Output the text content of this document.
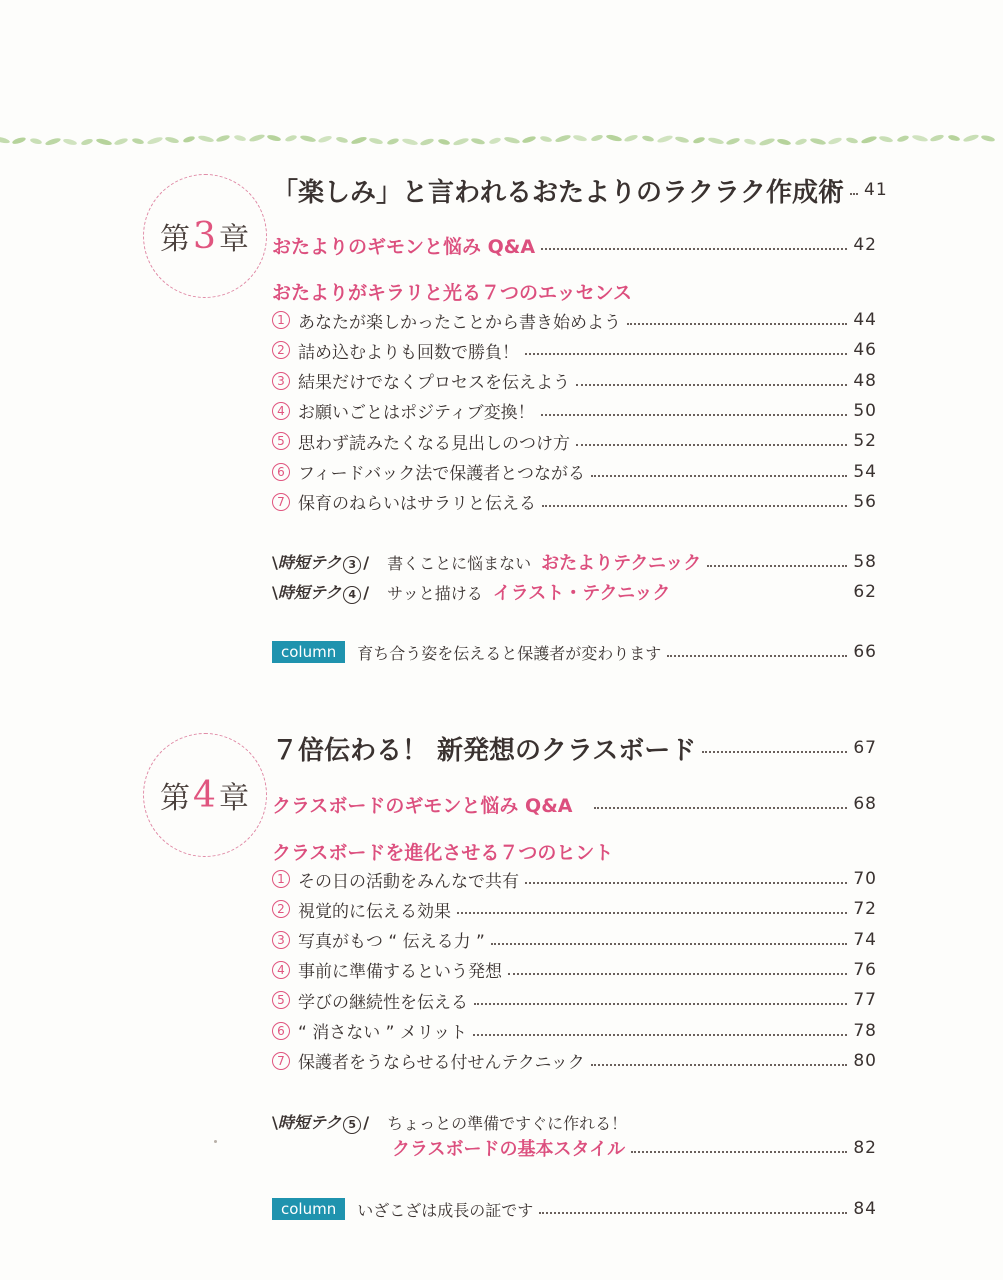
第 3 章
「楽しみ」と言われるおたよりのラクラク作成術 41
おたよりのギモンと悩み Q&A	42
おたよりがキラリと光る７つのエッセンス
1 あなたが楽しかったことから書き始めよう	44
2 詰め込むよりも回数で勝負！	46
3 結果だけでなくプロセスを伝えよう	48
4 お願いごとはポジティブ変換！	50
5 思わず読みたくなる見出しのつけ方	52
6 フィードバック法で保護者とつながる	54
7 保育のねらいはサラリと伝える	56
\時短テク 3 / 書くことに悩まない おたよりテクニック	58
\時短テク 4 / サッと描ける イラスト・テクニック	62
column	育ち合う姿を伝えると保護者が変わります	66
第 4 章
７倍伝わる！ 新発想のクラスボード	67
クラスボードのギモンと悩み Q&A	68
クラスボードを進化させる７つのヒント
1 その日の活動をみんなで共有	70
2 視覚的に伝える効果	72
3 写真がもつ “ 伝える力 ”	74
4 事前に準備するという発想	76
5 学びの継続性を伝える	77
6 “ 消さない ” メリット	78
7 保護者をうならせる付せんテクニック	80
\時短テク 5 / ちょっとの準備ですぐに作れる！
クラスボードの基本スタイル	82
column	いざこざは成長の証です	84
